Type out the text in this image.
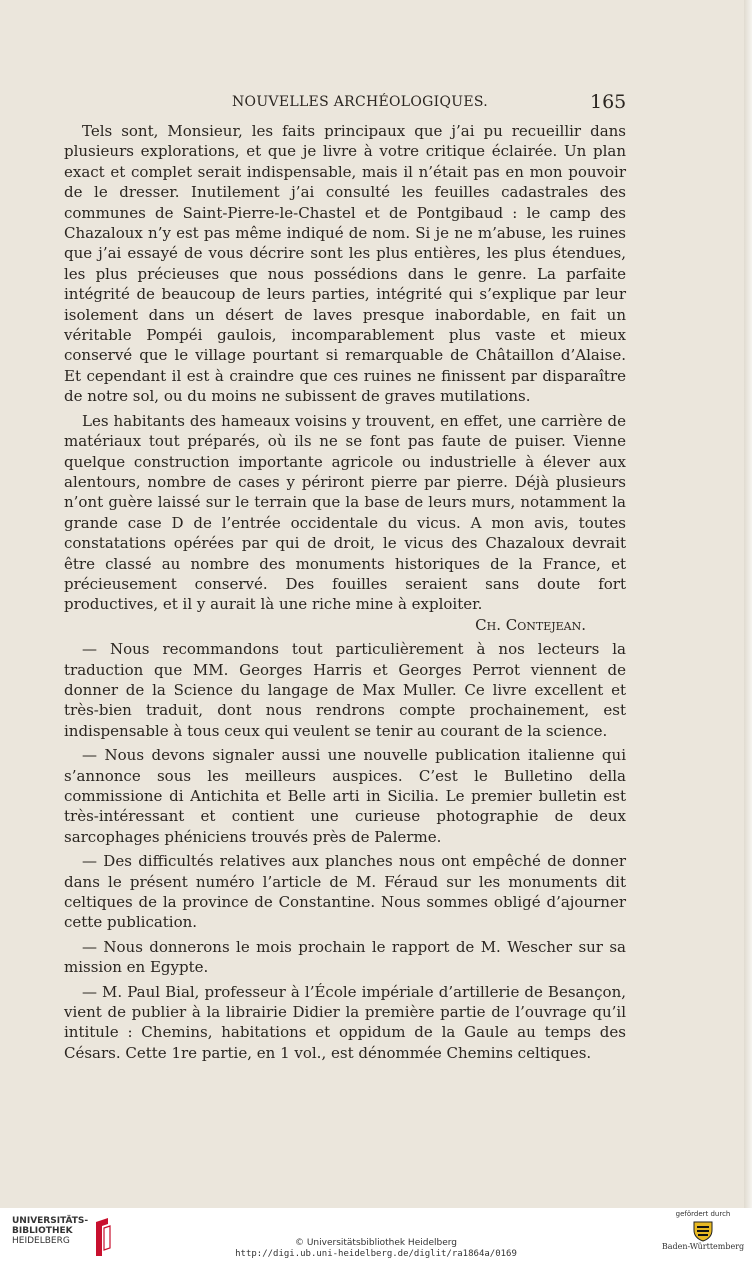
NOUVELLES ARCHÉOLOGIQUES.	165

Tels sont, Monsieur, les faits principaux que j’ai pu recueillir dans plusieurs explorations, et que je livre à votre critique éclairée. Un plan exact et complet serait indispensable, mais il n’était pas en mon pouvoir de le dresser. Inutilement j’ai consulté les feuilles cadastrales des communes de Saint-Pierre-le-Chastel et de Pontgibaud : le camp des Chazaloux n’y est pas même indiqué de nom. Si je ne m’abuse, les ruines que j’ai essayé de vous décrire sont les plus entières, les plus étendues, les plus précieuses que nous possédions dans le genre. La parfaite intégrité de beaucoup de leurs parties, intégrité qui s’explique par leur isolement dans un désert de laves presque inabordable, en fait un véritable Pompéi gaulois, incomparablement plus vaste et mieux conservé que le village pourtant si remarquable de Châtaillon d’Alaise. Et cependant il est à craindre que ces ruines ne finissent par disparaître de notre sol, ou du moins ne subissent de graves mutilations.

Les habitants des hameaux voisins y trouvent, en effet, une carrière de matériaux tout préparés, où ils ne se font pas faute de puiser. Vienne quelque construction importante agricole ou industrielle à élever aux alentours, nombre de cases y périront pierre par pierre. Déjà plusieurs n’ont guère laissé sur le terrain que la base de leurs murs, notamment la grande case D de l’entrée occidentale du vicus. A mon avis, toutes constatations opérées par qui de droit, le vicus des Chazaloux devrait être classé au nombre des monuments historiques de la France, et précieusement conservé. Des fouilles seraient sans doute fort productives, et il y aurait là une riche mine à exploiter.
Ch. Contejean.

— Nous recommandons tout particulièrement à nos lecteurs la traduction que MM. Georges Harris et Georges Perrot viennent de donner de la Science du langage de Max Muller. Ce livre excellent et très-bien traduit, dont nous rendrons compte prochainement, est indispensable à tous ceux qui veulent se tenir au courant de la science.

— Nous devons signaler aussi une nouvelle publication italienne qui s’annonce sous les meilleurs auspices. C’est le Bulletino della commissione di Antichita et Belle arti in Sicilia. Le premier bulletin est très-intéressant et contient une curieuse photographie de deux sarcophages phéniciens trouvés près de Palerme.

— Des difficultés relatives aux planches nous ont empêché de donner dans le présent numéro l’article de M. Féraud sur les monuments dit celtiques de la province de Constantine. Nous sommes obligé d’ajourner cette publication.

— Nous donnerons le mois prochain le rapport de M. Wescher sur sa mission en Egypte.

— M. Paul Bial, professeur à l’École impériale d’artillerie de Besançon, vient de publier à la librairie Didier la première partie de l’ouvrage qu’il intitule : Chemins, habitations et oppidum de la Gaule au temps des Césars. Cette 1re partie, en 1 vol., est dénommée Chemins celtiques.

UNIVERSITÄTS-
BIBLIOTHEK
HEIDELBERG	© Universitätsbibliothek Heidelberg
http://digi.ub.uni-heidelberg.de/diglit/ra1864a/0169
gefördert durch
Baden-Württemberg
